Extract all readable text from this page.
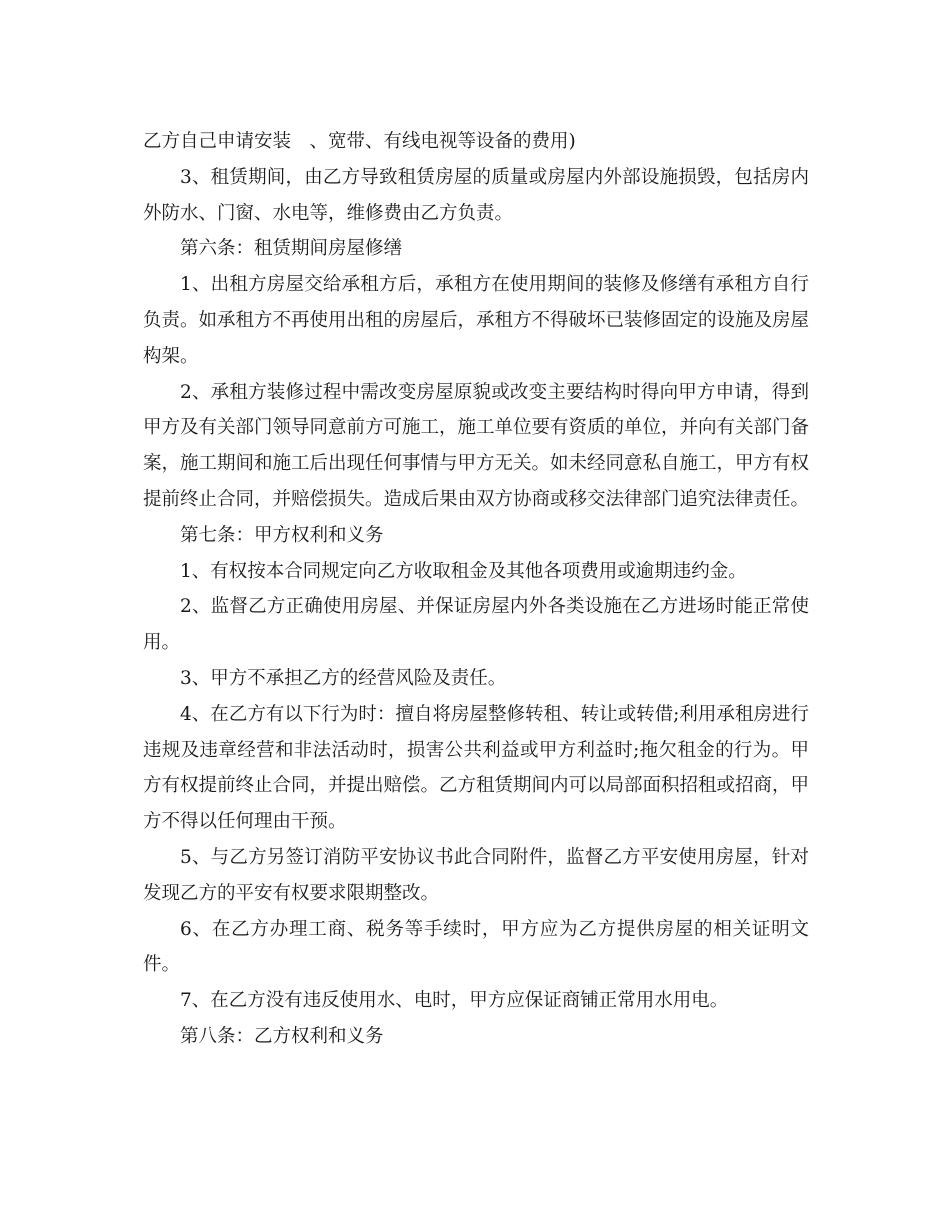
乙方自己申请安装　、宽带、有线电视等设备的费用)

3、租赁期间，由乙方导致租赁房屋的质量或房屋内外部设施损毁，包括房内外防水、门窗、水电等，维修费由乙方负责。

第六条：租赁期间房屋修缮

1、出租方房屋交给承租方后，承租方在使用期间的装修及修缮有承租方自行负责。如承租方不再使用出租的房屋后，承租方不得破坏已装修固定的设施及房屋构架。

2、承租方装修过程中需改变房屋原貌或改变主要结构时得向甲方申请，得到甲方及有关部门领导同意前方可施工，施工单位要有资质的单位，并向有关部门备案，施工期间和施工后出现任何事情与甲方无关。如未经同意私自施工，甲方有权提前终止合同，并赔偿损失。造成后果由双方协商或移交法律部门追究法律责任。

第七条：甲方权利和义务

1、有权按本合同规定向乙方收取租金及其他各项费用或逾期违约金。

2、监督乙方正确使用房屋、并保证房屋内外各类设施在乙方进场时能正常使用。

3、甲方不承担乙方的经营风险及责任。

4、在乙方有以下行为时：擅自将房屋整修转租、转让或转借;利用承租房进行违规及违章经营和非法活动时，损害公共利益或甲方利益时;拖欠租金的行为。甲方有权提前终止合同，并提出赔偿。乙方租赁期间内可以局部面积招租或招商，甲方不得以任何理由干预。

5、与乙方另签订消防平安协议书此合同附件，监督乙方平安使用房屋，针对发现乙方的平安有权要求限期整改。

6、在乙方办理工商、税务等手续时，甲方应为乙方提供房屋的相关证明文件。

7、在乙方没有违反使用水、电时，甲方应保证商铺正常用水用电。

第八条：乙方权利和义务
